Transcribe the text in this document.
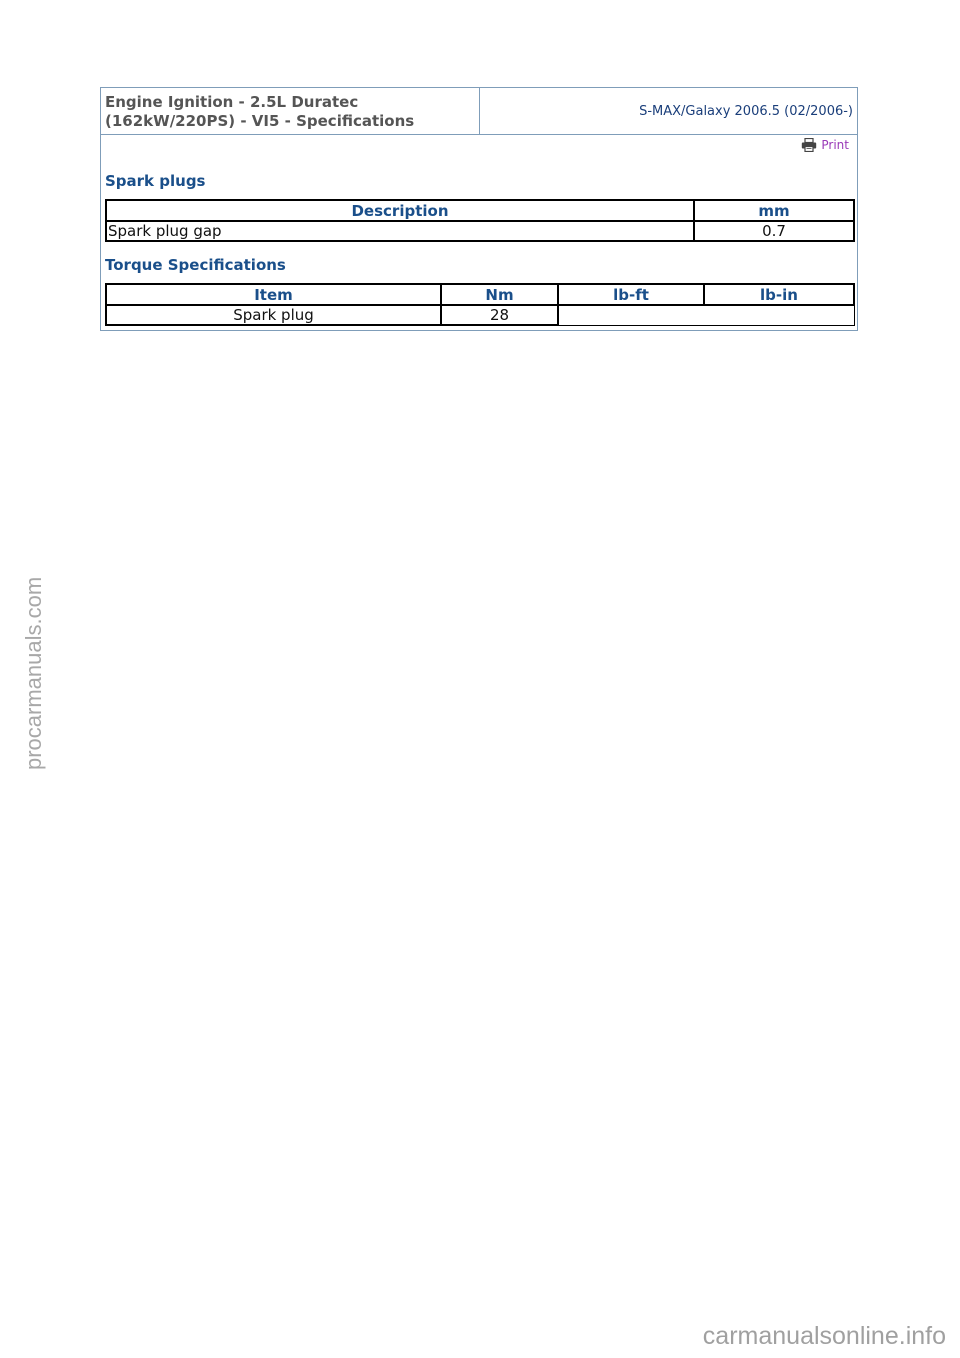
Engine Ignition - 2.5L Duratec
(162kW/220PS) - VI5 - Specifications
S-MAX/Galaxy 2006.5 (02/2006-)
Print
Spark plugs
Description	mm
Spark plug gap	0.7
Torque Specifications
Item	Nm	lb-ft	lb-in
Spark plug	28		
procarmanuals.com
carmanualsonline.info
